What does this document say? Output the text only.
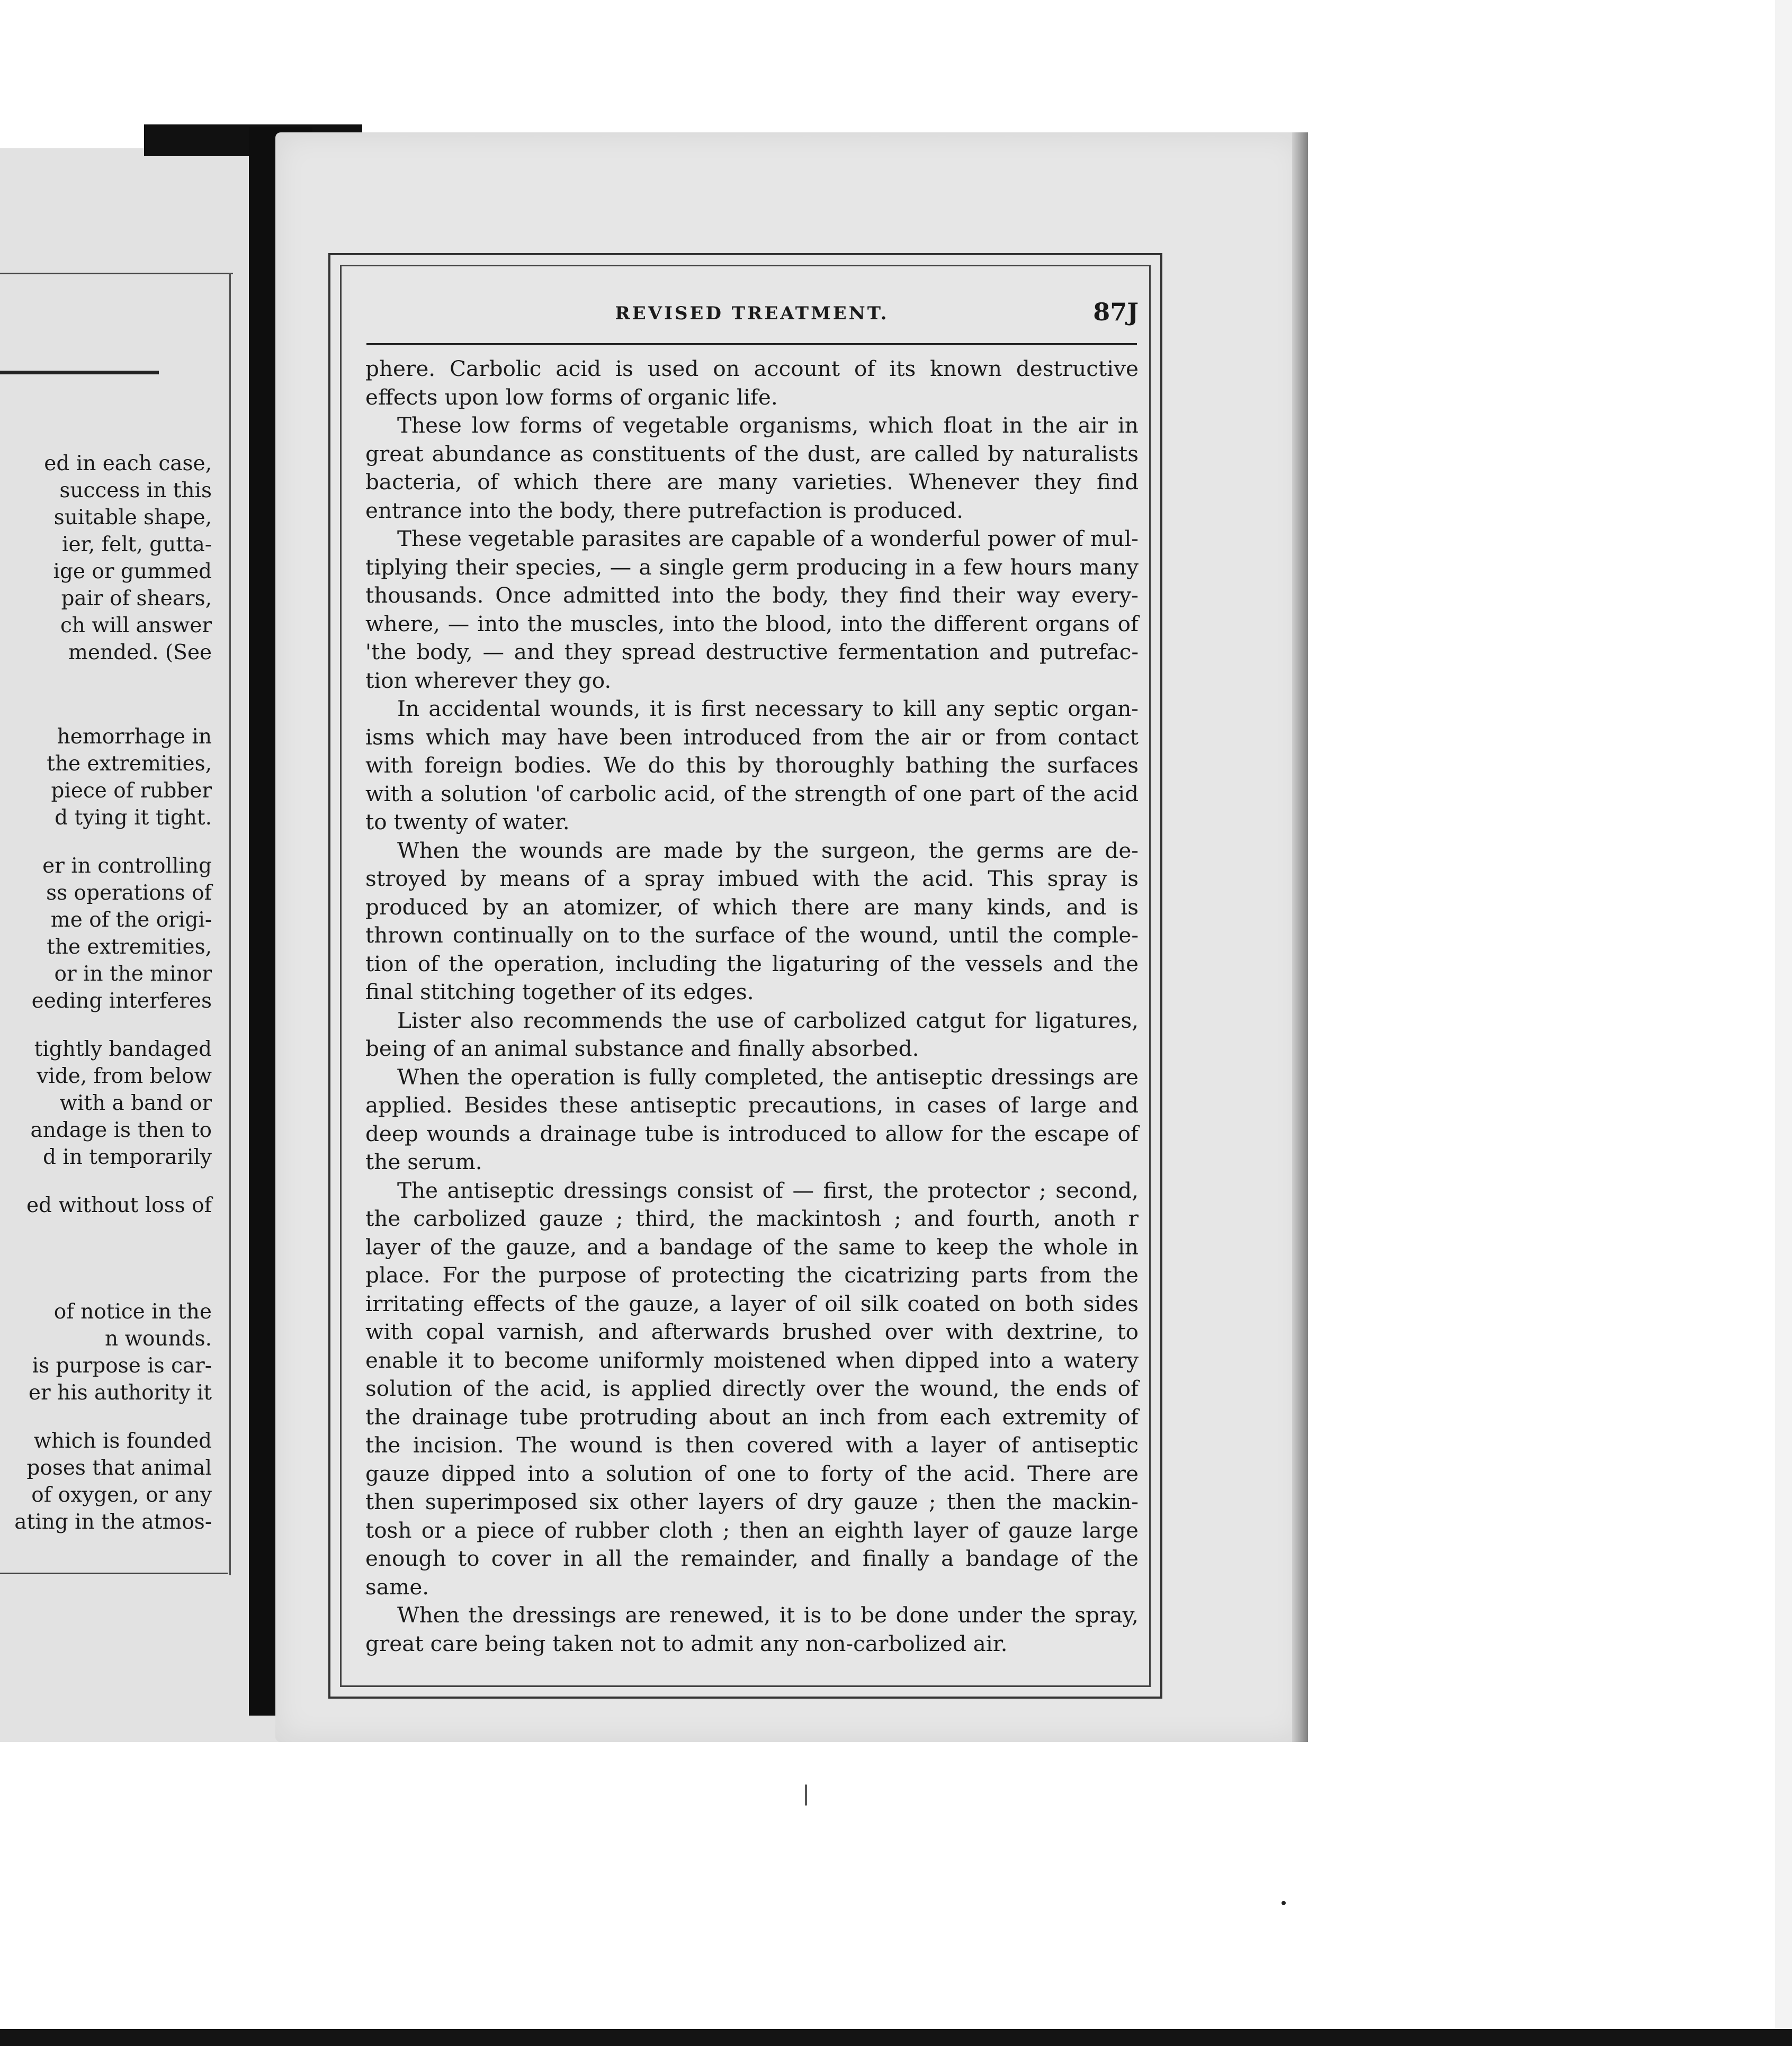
ed in each case,
success in this
suitable shape,
ier, felt, gutta-
ige or gummed
pair of shears,
ch will answer
mended. (See
hemorrhage in
the extremities,
piece of rubber
d tying it tight.
er in controlling
ss operations of
me of the origi-
the extremities,
or in the minor
eeding interferes
tightly bandaged
vide, from below
with a band or
andage is then to
d in temporarily
ed without loss of
of notice in the
n wounds.
is purpose is car-
er his authority it
which is founded
poses that animal
of oxygen, or any
ating in the atmos-
REVISED TREATMENT.	87J
phere. Carbolic acid is used on account of its known destructive
effects upon low forms of organic life.
These low forms of vegetable organisms, which float in the air in
great abundance as constituents of the dust, are called by naturalists
bacteria, of which there are many varieties. Whenever they find
entrance into the body, there putrefaction is produced.
These vegetable parasites are capable of a wonderful power of mul-
tiplying their species, — a single germ producing in a few hours many
thousands. Once admitted into the body, they find their way every-
where, — into the muscles, into the blood, into the different organs of
'the body, — and they spread destructive fermentation and putrefac-
tion wherever they go.
In accidental wounds, it is first necessary to kill any septic organ-
isms which may have been introduced from the air or from contact
with foreign bodies. We do this by thoroughly bathing the surfaces
with a solution 'of carbolic acid, of the strength of one part of the acid
to twenty of water.
When the wounds are made by the surgeon, the germs are de-
stroyed by means of a spray imbued with the acid. This spray is
produced by an atomizer, of which there are many kinds, and is
thrown continually on to the surface of the wound, until the comple-
tion of the operation, including the ligaturing of the vessels and the
final stitching together of its edges.
Lister also recommends the use of carbolized catgut for ligatures,
being of an animal substance and finally absorbed.
When the operation is fully completed, the antiseptic dressings are
applied. Besides these antiseptic precautions, in cases of large and
deep wounds a drainage tube is introduced to allow for the escape of
the serum.
The antiseptic dressings consist of — first, the protector ; second,
the carbolized gauze ; third, the mackintosh ; and fourth, anoth r
layer of the gauze, and a bandage of the same to keep the whole in
place. For the purpose of protecting the cicatrizing parts from the
irritating effects of the gauze, a layer of oil silk coated on both sides
with copal varnish, and afterwards brushed over with dextrine, to
enable it to become uniformly moistened when dipped into a watery
solution of the acid, is applied directly over the wound, the ends of
the drainage tube protruding about an inch from each extremity of
the incision. The wound is then covered with a layer of antiseptic
gauze dipped into a solution of one to forty of the acid. There are
then superimposed six other layers of dry gauze ; then the mackin-
tosh or a piece of rubber cloth ; then an eighth layer of gauze large
enough to cover in all the remainder, and finally a bandage of the
same.
When the dressings are renewed, it is to be done under the spray,
great care being taken not to admit any non-carbolized air.
